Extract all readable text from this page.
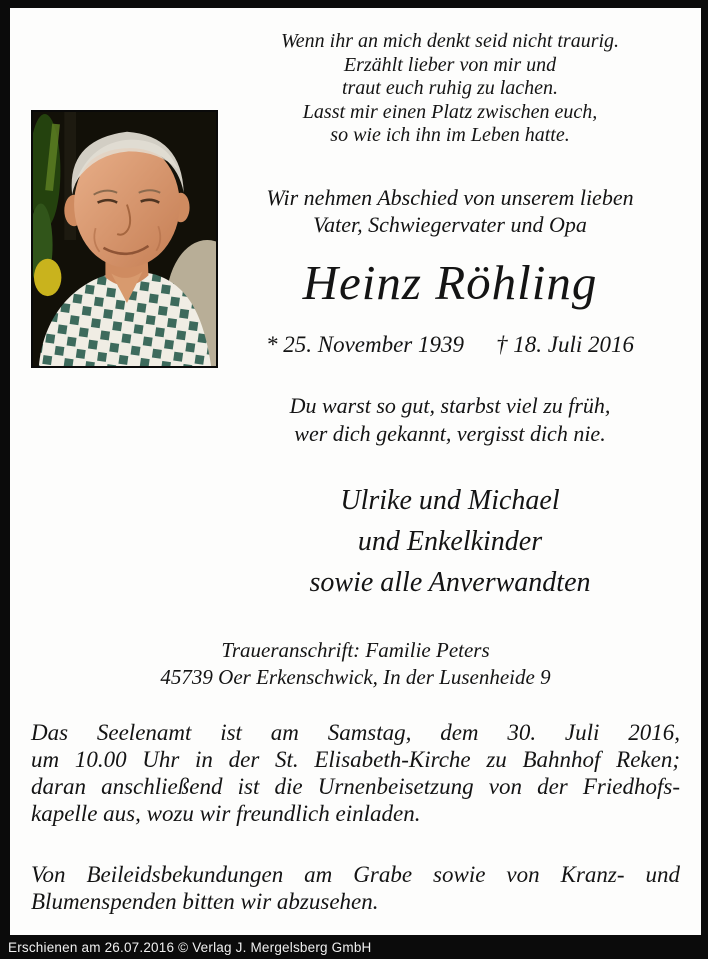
Wenn ihr an mich denkt seid nicht traurig.
Erzählt lieber von mir und
traut euch ruhig zu lachen.
Lasst mir einen Platz zwischen euch,
so wie ich ihn im Leben hatte.
Wir nehmen Abschied von unserem lieben
Vater, Schwiegervater und Opa
Heinz Röhling
* 25. November 1939 † 18. Juli 2016
Du warst so gut, starbst viel zu früh,
wer dich gekannt, vergisst dich nie.
Ulrike und Michael
und Enkelkinder
sowie alle Anverwandten
Traueranschrift: Familie Peters
45739 Oer Erkenschwick, In der Lusenheide 9
Das Seelenamt ist am Samstag, dem 30. Juli 2016,
um 10.00 Uhr in der St. Elisabeth-Kirche zu Bahnhof Reken;
daran anschließend ist die Urnenbeisetzung von der Friedhofs-
kapelle aus, wozu wir freundlich einladen.
Von Beileidsbekundungen am Grabe sowie von Kranz- und
Blumenspenden bitten wir abzusehen.
Erschienen am 26.07.2016 © Verlag J. Mergelsberg GmbH
